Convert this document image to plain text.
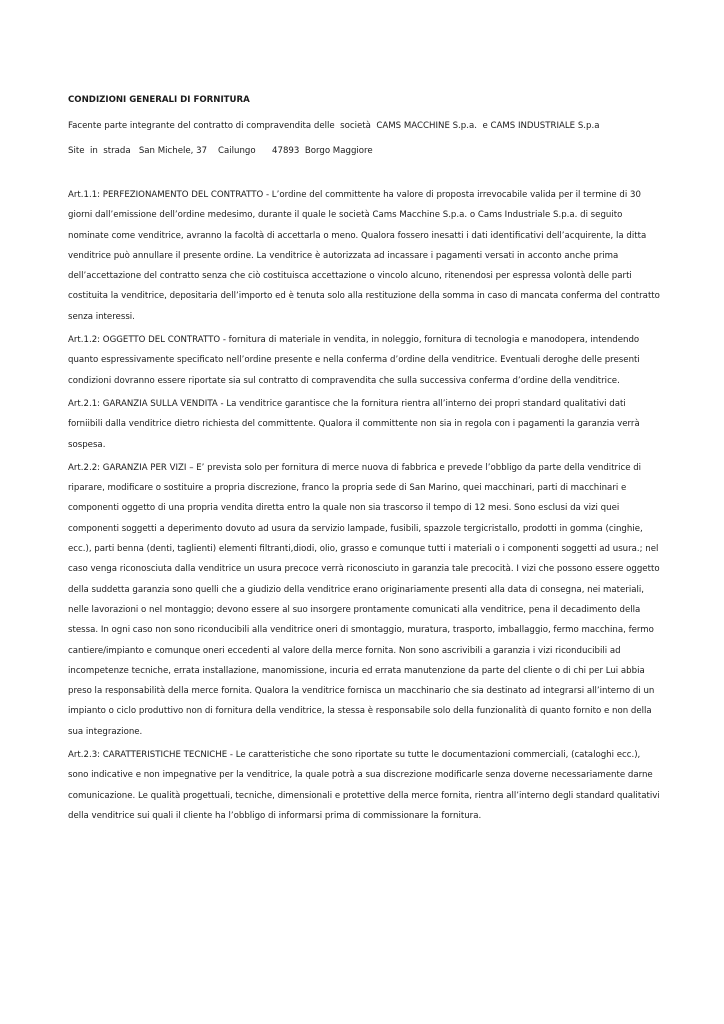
CONDIZIONI GENERALI DI FORNITURA
Facente parte integrante del contratto di compravendita delle  società  CAMS MACCHINE S.p.a.  e CAMS INDUSTRIALE S.p.a
Site  in  strada   San Michele, 37    Cailungo      47893  Borgo Maggiore

Art.1.1: PERFEZIONAMENTO DEL CONTRATTO - L’ordine del committente ha valore di proposta irrevocabile valida per il termine di 30 giorni dall’emissione dell’ordine medesimo, durante il quale le società Cams Macchine S.p.a. o Cams Industriale S.p.a. di seguito nominate come venditrice, avranno la facoltà di accettarla o meno. Qualora fossero inesatti i dati identificativi dell’acquirente, la ditta venditrice può annullare il presente ordine. La venditrice è autorizzata ad incassare i pagamenti versati in acconto anche prima dell’accettazione del contratto senza che ciò costituisca accettazione o vincolo alcuno, ritenendosi per espressa volontà delle parti costituita la venditrice, depositaria dell’importo ed è tenuta solo alla restituzione della somma in caso di mancata conferma del contratto senza interessi.

Art.1.2: OGGETTO DEL CONTRATTO - fornitura di materiale in vendita, in noleggio, fornitura di tecnologia e manodopera, intendendo quanto espressivamente specificato nell’ordine presente e nella conferma d’ordine della venditrice. Eventuali deroghe delle presenti condizioni dovranno essere riportate sia sul contratto di compravendita che sulla successiva conferma d’ordine della venditrice.

Art.2.1: GARANZIA SULLA VENDITA - La venditrice garantisce che la fornitura rientra all’interno dei propri standard qualitativi dati forniibili dalla venditrice dietro richiesta del committente. Qualora il committente non sia in regola con i pagamenti la garanzia verrà sospesa.

Art.2.2: GARANZIA PER VIZI – E’ prevista solo per fornitura di merce nuova di fabbrica e prevede l’obbligo da parte della venditrice di riparare, modificare o sostituire a propria discrezione, franco la propria sede di San Marino, quei macchinari, parti di macchinari e componenti oggetto di una propria vendita diretta entro la quale non sia trascorso il tempo di 12 mesi. Sono esclusi da vizi quei componenti soggetti a deperimento dovuto ad usura da servizio lampade, fusibili, spazzole tergicristallo, prodotti in gomma (cinghie, ecc.), parti benna (denti, taglienti) elementi filtranti,diodi, olio, grasso e comunque tutti i materiali o i componenti soggetti ad usura.; nel caso venga riconosciuta dalla venditrice un usura precoce verrà riconosciuto in garanzia tale precocità. I vizi che possono essere oggetto della suddetta garanzia sono quelli che a giudizio della venditrice erano originariamente presenti alla data di consegna, nei materiali, nelle lavorazioni o nel montaggio; devono essere al suo insorgere prontamente comunicati alla venditrice, pena il decadimento della stessa. In ogni caso non sono riconducibili alla venditrice oneri di smontaggio, muratura, trasporto, imballaggio, fermo macchina, fermo cantiere/impianto e comunque oneri eccedenti al valore della merce fornita. Non sono ascrivibili a garanzia i vizi riconducibili ad incompetenze tecniche, errata installazione, manomissione, incuria ed errata manutenzione da parte del cliente o di chi per Lui abbia preso la responsabilità della merce fornita. Qualora la venditrice fornisca un macchinario che sia destinato ad integrarsi all’interno di un impianto o ciclo produttivo non di fornitura della venditrice, la stessa è responsabile solo della funzionalità di quanto fornito e non della sua integrazione.

Art.2.3: CARATTERISTICHE TECNICHE - Le caratteristiche che sono riportate su tutte le documentazioni commerciali, (cataloghi ecc.), sono indicative e non impegnative per la venditrice, la quale potrà a sua discrezione modificarle senza doverne necessariamente darne comunicazione. Le qualità progettuali, tecniche, dimensionali e protettive della merce fornita, rientra all’interno degli standard qualitativi della venditrice sui quali il cliente ha l’obbligo di informarsi prima di commissionare la fornitura.
